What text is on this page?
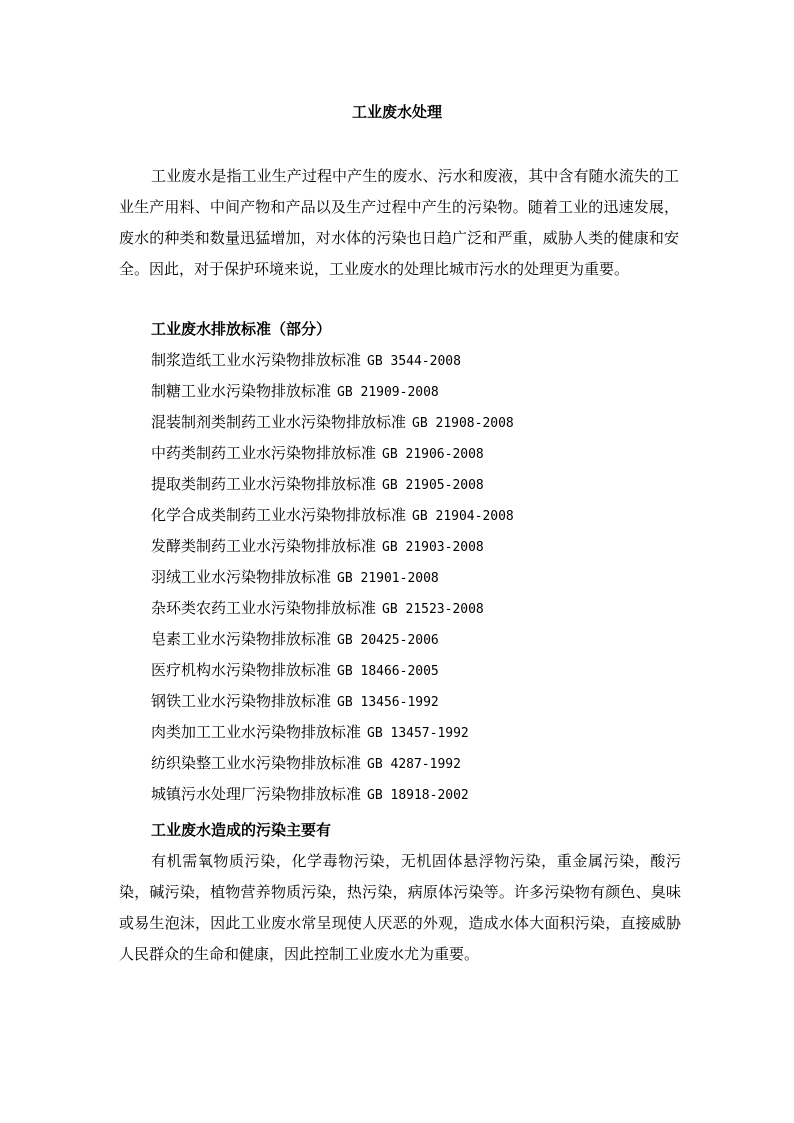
工业废水处理

工业废水是指工业生产过程中产生的废水、污水和废液，其中含有随水流失的工业生产用料、中间产物和产品以及生产过程中产生的污染物。随着工业的迅速发展，废水的种类和数量迅猛增加，对水体的污染也日趋广泛和严重，威胁人类的健康和安全。因此，对于保护环境来说，工业废水的处理比城市污水的处理更为重要。

工业废水排放标准（部分）
制浆造纸工业水污染物排放标准 GB 3544-2008
制糖工业水污染物排放标准 GB 21909-2008
混装制剂类制药工业水污染物排放标准 GB 21908-2008
中药类制药工业水污染物排放标准 GB 21906-2008
提取类制药工业水污染物排放标准 GB 21905-2008
化学合成类制药工业水污染物排放标准 GB 21904-2008
发酵类制药工业水污染物排放标准 GB 21903-2008
羽绒工业水污染物排放标准 GB 21901-2008
杂环类农药工业水污染物排放标准 GB 21523-2008
皂素工业水污染物排放标准 GB 20425-2006
医疗机构水污染物排放标准 GB 18466-2005
钢铁工业水污染物排放标准 GB 13456-1992
肉类加工工业水污染物排放标准 GB 13457-1992
纺织染整工业水污染物排放标准 GB 4287-1992
城镇污水处理厂污染物排放标准 GB 18918-2002
工业废水造成的污染主要有

有机需氧物质污染，化学毒物污染，无机固体悬浮物污染，重金属污染，酸污染，碱污染，植物营养物质污染，热污染，病原体污染等。许多污染物有颜色、臭味或易生泡沫，因此工业废水常呈现使人厌恶的外观，造成水体大面积污染，直接威胁人民群众的生命和健康，因此控制工业废水尤为重要。
